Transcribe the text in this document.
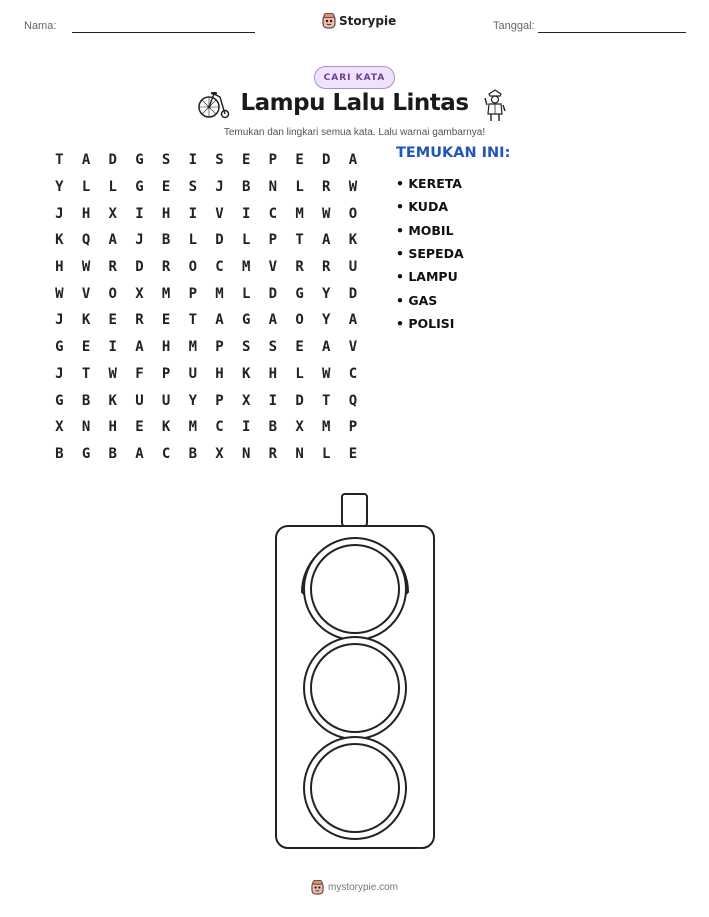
Nama:	Storypie	Tanggal:
CARI KATA
Lampu Lalu Lintas
Temukan dan lingkari semua kata. Lalu warnai gambarnya!
T	A	D	G	S	I	S	E	P	E	D	A
Y	L	L	G	E	S	J	B	N	L	R	W
J	H	X	I	H	I	V	I	C	M	W	O
K	Q	A	J	B	L	D	L	P	T	A	K
H	W	R	D	R	O	C	M	V	R	R	U
W	V	O	X	M	P	M	L	D	G	Y	D
J	K	E	R	E	T	A	G	A	O	Y	A
G	E	I	A	H	M	P	S	S	E	A	V
J	T	W	F	P	U	H	K	H	L	W	C
G	B	K	U	U	Y	P	X	I	D	T	Q
X	N	H	E	K	M	C	I	B	X	M	P
B	G	B	A	C	B	X	N	R	N	L	E
TEMUKAN INI:
• KERETA
• KUDA
• MOBIL
• SEPEDA
• LAMPU
• GAS
• POLISI
mystorypie.com
